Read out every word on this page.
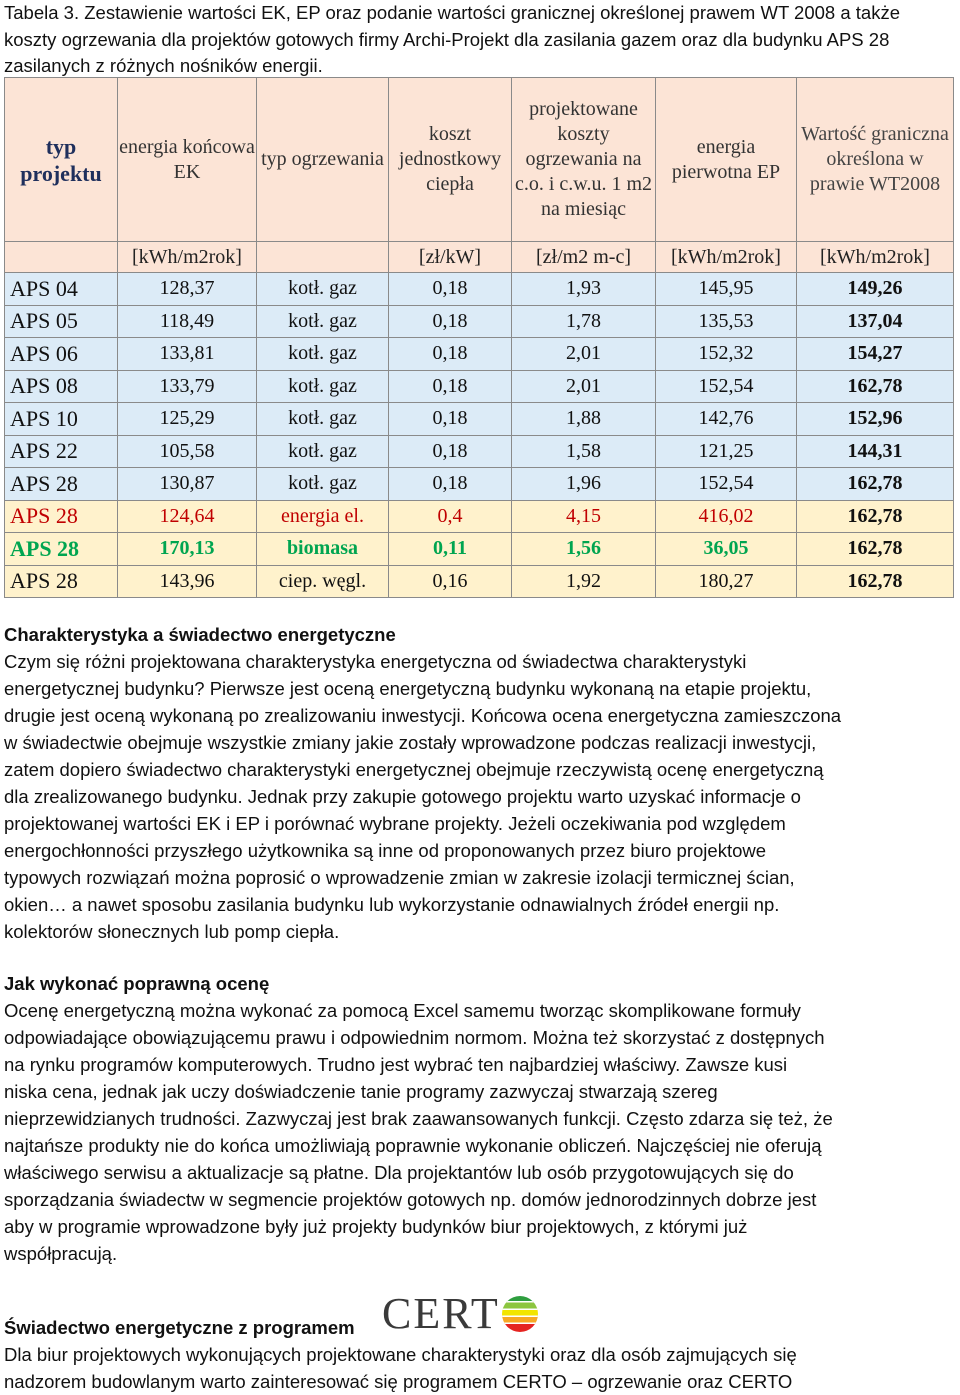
Tabela 3. Zestawienie wartości EK, EP oraz podanie wartości granicznej określonej prawem WT 2008 a także koszty ogrzewania dla projektów gotowych firmy Archi-Projekt dla zasilania gazem oraz dla budynku APS 28 zasilanych z różnych nośników energii.
typ projektu	energia końcowa EK	typ ogrzewania	koszt jednostkowy ciepła	projektowane koszty ogrzewania na c.o. i c.w.u. 1 m2 na miesiąc	energia pierwotna EP	Wartość graniczna określona w prawie WT2008
	[kWh/m2rok]		[zł/kW]	[zł/m2 m-c]	[kWh/m2rok]	[kWh/m2rok]
APS 04	128,37	kotł. gaz	0,18	1,93	145,95	149,26
APS 05	118,49	kotł. gaz	0,18	1,78	135,53	137,04
APS 06	133,81	kotł. gaz	0,18	2,01	152,32	154,27
APS 08	133,79	kotł. gaz	0,18	2,01	152,54	162,78
APS 10	125,29	kotł. gaz	0,18	1,88	142,76	152,96
APS 22	105,58	kotł. gaz	0,18	1,58	121,25	144,31
APS 28	130,87	kotł. gaz	0,18	1,96	152,54	162,78
APS 28	124,64	energia el.	0,4	4,15	416,02	162,78
APS 28	170,13	biomasa	0,11	1,56	36,05	162,78
APS 28	143,96	ciep. węgl.	0,16	1,92	180,27	162,78
Charakterystyka a świadectwo energetyczne
Czym się różni projektowana charakterystyka energetyczna od świadectwa charakterystyki
energetycznej budynku? Pierwsze jest oceną energetyczną budynku wykonaną na etapie projektu,
drugie jest oceną wykonaną po zrealizowaniu inwestycji. Końcowa ocena energetyczna zamieszczona
w świadectwie obejmuje wszystkie zmiany jakie zostały wprowadzone podczas realizacji inwestycji,
zatem dopiero świadectwo charakterystyki energetycznej obejmuje rzeczywistą ocenę energetyczną
dla zrealizowanego budynku. Jednak przy zakupie gotowego projektu warto uzyskać informacje o
projektowanej wartości EK i EP i porównać wybrane projekty. Jeżeli oczekiwania pod względem
energochłonności przyszłego użytkownika są inne od proponowanych przez biuro projektowe
typowych rozwiązań można poprosić o wprowadzenie zmian w zakresie izolacji termicznej ścian,
okien… a nawet sposobu zasilania budynku lub wykorzystanie odnawialnych źródeł energii np.
kolektorów słonecznych lub pomp ciepła.
Jak wykonać poprawną ocenę
Ocenę energetyczną można wykonać za pomocą Excel samemu tworząc skomplikowane formuły
odpowiadające obowiązującemu prawu i odpowiednim normom. Można też skorzystać z dostępnych
na rynku programów komputerowych. Trudno jest wybrać ten najbardziej właściwy. Zawsze kusi
niska cena, jednak jak uczy doświadczenie tanie programy zazwyczaj stwarzają szereg
nieprzewidzianych trudności. Zazwyczaj jest brak zaawansowanych funkcji. Często zdarza się też, że
najtańsze produkty nie do końca umożliwiają poprawnie wykonanie obliczeń. Najczęściej nie oferują
właściwego serwisu a aktualizacje są płatne. Dla projektantów lub osób przygotowujących się do
sporządzania świadectw w segmencie projektów gotowych np. domów jednorodzinnych dobrze jest
aby w programie wprowadzone były już projekty budynków biur projektowych, z którymi już
współpracują.
Świadectwo energetyczne z programem
Dla biur projektowych wykonujących projektowane charakterystyki oraz dla osób zajmujących się
nadzorem budowlanym warto zainteresować się programem CERTO – ogrzewanie oraz CERTO
CERT
